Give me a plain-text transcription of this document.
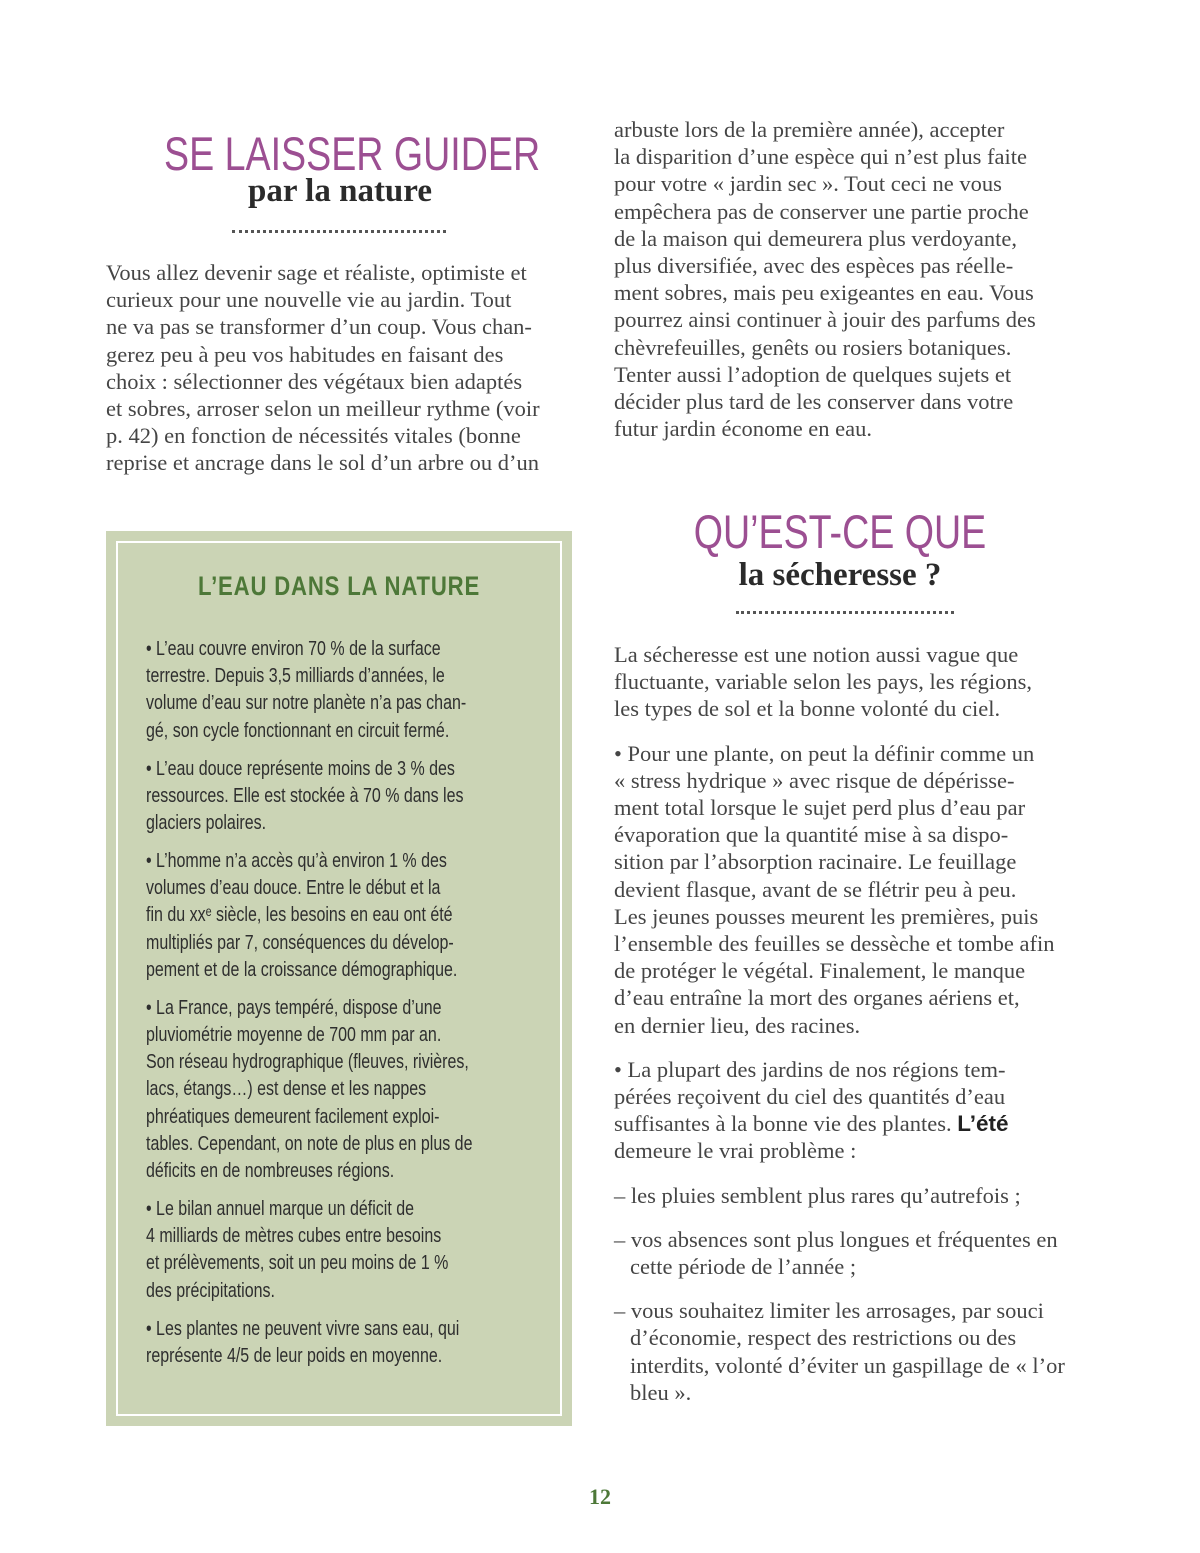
SE LAISSER GUIDER
par la nature
Vous allez devenir sage et réaliste, optimiste et
curieux pour une nouvelle vie au jardin. Tout
ne va pas se transformer d’un coup. Vous chan-
gerez peu à peu vos habitudes en faisant des
choix : sélectionner des végétaux bien adaptés
et sobres, arroser selon un meilleur rythme (voir
p. 42) en fonction de nécessités vitales (bonne
reprise et ancrage dans le sol d’un arbre ou d’un
arbuste lors de la première année), accepter
la disparition d’une espèce qui n’est plus faite
pour votre « jardin sec ». Tout ceci ne vous
empêchera pas de conserver une partie proche
de la maison qui demeurera plus verdoyante,
plus diversifiée, avec des espèces pas réelle-
ment sobres, mais peu exigeantes en eau. Vous
pourrez ainsi continuer à jouir des parfums des
chèvrefeuilles, genêts ou rosiers botaniques.
Tenter aussi l’adoption de quelques sujets et
décider plus tard de les conserver dans votre
futur jardin économe en eau.
L’EAU DANS LA NATURE
• L’eau couvre environ 70 % de la surface
terrestre. Depuis 3,5 milliards d’années, le
volume d’eau sur notre planète n’a pas chan-
gé, son cycle fonctionnant en circuit fermé.
• L’eau douce représente moins de 3 % des
ressources. Elle est stockée à 70 % dans les
glaciers polaires.
• L’homme n’a accès qu’à environ 1 % des
volumes d’eau douce. Entre le début et la
fin du xxᵉ siècle, les besoins en eau ont été
multipliés par 7, conséquences du dévelop-
pement et de la croissance démographique.
• La France, pays tempéré, dispose d’une
pluviométrie moyenne de 700 mm par an.
Son réseau hydrographique (fleuves, rivières,
lacs, étangs…) est dense et les nappes
phréatiques demeurent facilement exploi-
tables. Cependant, on note de plus en plus de
déficits en de nombreuses régions.
• Le bilan annuel marque un déficit de
4 milliards de mètres cubes entre besoins
et prélèvements, soit un peu moins de 1 %
des précipitations.
• Les plantes ne peuvent vivre sans eau, qui
représente 4/5 de leur poids en moyenne.
QU’EST-CE QUE
la sécheresse ?

La sécheresse est une notion aussi vague que
fluctuante, variable selon les pays, les régions,
les types de sol et la bonne volonté du ciel.

• Pour une plante, on peut la définir comme un
« stress hydrique » avec risque de dépérisse-
ment total lorsque le sujet perd plus d’eau par
évaporation que la quantité mise à sa dispo-
sition par l’absorption racinaire. Le feuillage
devient flasque, avant de se flétrir peu à peu.
Les jeunes pousses meurent les premières, puis
l’ensemble des feuilles se dessèche et tombe afin
de protéger le végétal. Finalement, le manque
d’eau entraîne la mort des organes aériens et,
en dernier lieu, des racines.

• La plupart des jardins de nos régions tem-
pérées reçoivent du ciel des quantités d’eau
suffisantes à la bonne vie des plantes. L’été
demeure le vrai problème :

– les pluies semblent plus rares qu’autrefois ;

– vos absences sont plus longues et fréquentes en cette période de l’année ;

– vous souhaitez limiter les arrosages, par souci d’économie, respect des restrictions ou des interdits, volonté d’éviter un gaspillage de « l’or bleu ».

12
